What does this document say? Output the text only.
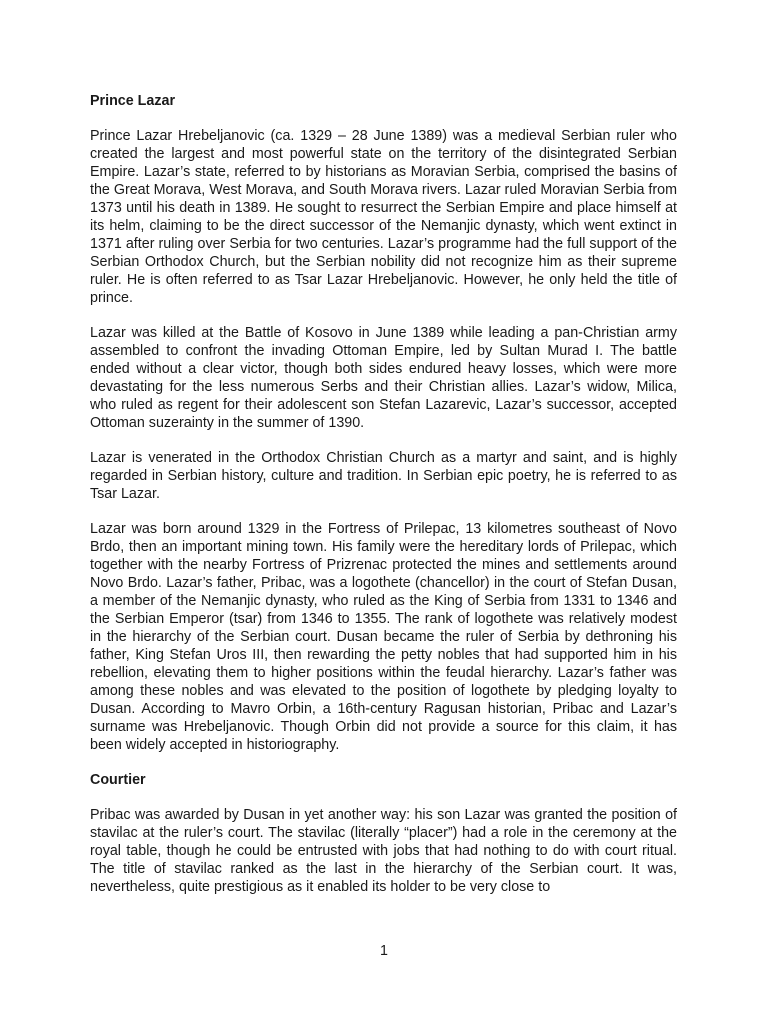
Prince Lazar

Prince Lazar Hrebeljanovic (ca. 1329 – 28 June 1389) was a medieval Serbian ruler who created the largest and most powerful state on the territory of the disintegrated Serbian Empire. Lazar’s state, referred to by historians as Moravian Serbia, comprised the basins of the Great Morava, West Morava, and South Morava rivers. Lazar ruled Moravian Serbia from 1373 until his death in 1389. He sought to resurrect the Serbian Empire and place himself at its helm, claiming to be the direct successor of the Nemanjic dynasty, which went extinct in 1371 after ruling over Serbia for two centuries. Lazar’s programme had the full support of the Serbian Orthodox Church, but the Serbian nobility did not recognize him as their supreme ruler. He is often referred to as Tsar Lazar Hrebeljanovic. However, he only held the title of prince.

Lazar was killed at the Battle of Kosovo in June 1389 while leading a pan-Christian army assembled to confront the invading Ottoman Empire, led by Sultan Murad I. The battle ended without a clear victor, though both sides endured heavy losses, which were more devastating for the less numerous Serbs and their Christian allies. Lazar’s widow, Milica, who ruled as regent for their adolescent son Stefan Lazarevic, Lazar’s successor, accepted Ottoman suzerainty in the summer of 1390.

Lazar is venerated in the Orthodox Christian Church as a martyr and saint, and is highly regarded in Serbian history, culture and tradition. In Serbian epic poetry, he is referred to as Tsar Lazar.

Lazar was born around 1329 in the Fortress of Prilepac, 13 kilometres southeast of Novo Brdo, then an important mining town. His family were the hereditary lords of Prilepac, which together with the nearby Fortress of Prizrenac protected the mines and settlements around Novo Brdo. Lazar’s father, Pribac, was a logothete (chancellor) in the court of Stefan Dusan, a member of the Nemanjic dynasty, who ruled as the King of Serbia from 1331 to 1346 and the Serbian Emperor (tsar) from 1346 to 1355. The rank of logothete was relatively modest in the hierarchy of the Serbian court. Dusan became the ruler of Serbia by dethroning his father, King Stefan Uros III, then rewarding the petty nobles that had supported him in his rebellion, elevating them to higher positions within the feudal hierarchy. Lazar’s father was among these nobles and was elevated to the position of logothete by pledging loyalty to Dusan. According to Mavro Orbin, a 16th-century Ragusan historian, Pribac and Lazar’s surname was Hrebeljanovic. Though Orbin did not provide a source for this claim, it has been widely accepted in historiography.

Courtier

Pribac was awarded by Dusan in yet another way: his son Lazar was granted the position of stavilac at the ruler’s court. The stavilac (literally “placer”) had a role in the ceremony at the royal table, though he could be entrusted with jobs that had nothing to do with court ritual. The title of stavilac ranked as the last in the hierarchy of the Serbian court. It was, nevertheless, quite prestigious as it enabled its holder to be very close to

1
